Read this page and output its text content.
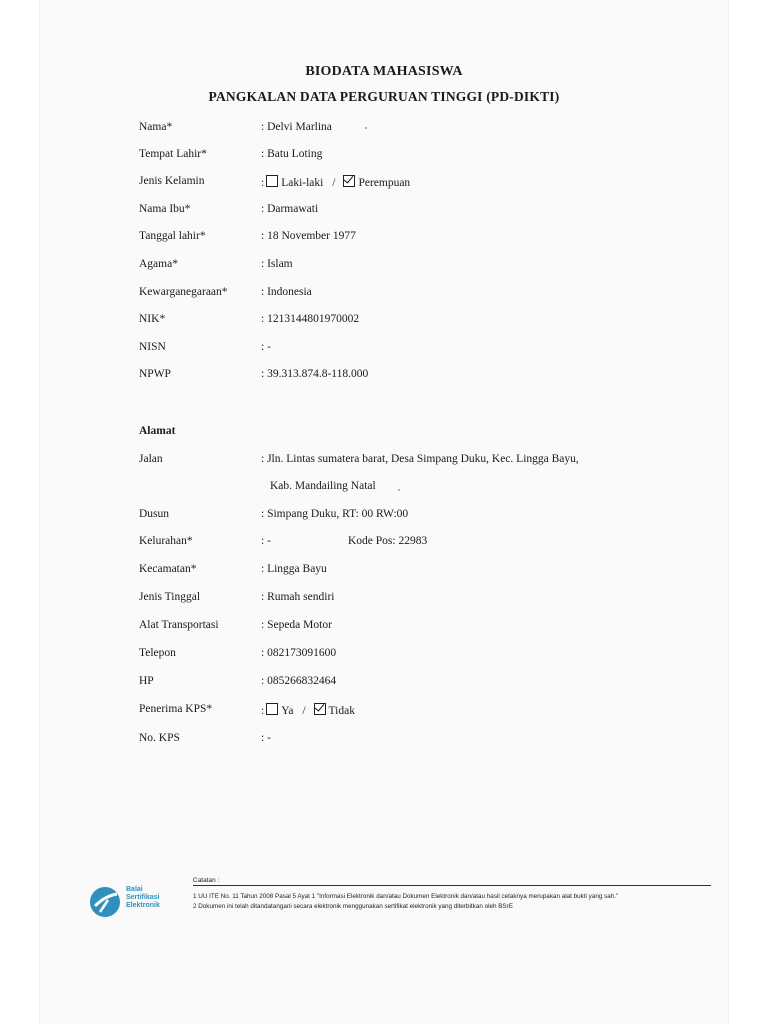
BIODATA MAHASISWA
PANGKALAN DATA PERGURUAN TINGGI (PD-DIKTI)
Nama*	: Delvi Marlina
Tempat Lahir*	: Batu Loting
Jenis Kelamin	: Laki-laki / Perempuan
Nama Ibu*	: Darmawati
Tanggal lahir*	: 18 November 1977
Agama*	: Islam
Kewarganegaraan*	: Indonesia
NIK*	: 1213144801970002
NISN	: -
NPWP	: 39.313.874.8-118.000
Alamat
Jalan	: Jln. Lintas sumatera barat, Desa Simpang Duku, Kec. Lingga Bayu,
Kab. Mandailing Natal
Dusun	: Simpang Duku, RT: 00 RW:00
Kelurahan*	: -	Kode Pos: 22983
Kecamatan*	: Lingga Bayu
Jenis Tinggal	: Rumah sendiri
Alat Transportasi	: Sepeda Motor
Telepon	: 082173091600
HP	: 085266832464
Penerima KPS*	: Ya / Tidak
No. KPS	: -
Balai Sertifikasi Elektronik
Catatan :
1 UU ITE No. 11 Tahun 2008 Pasal 5 Ayat 1 "Informasi Elektronik dan/atau Dokumen Elektronik dan/atau hasil cetaknya merupakan alat bukti yang sah."
2 Dokumen ini telah ditandatangani secara elektronik menggunakan sertifikat elektronik yang diterbitkan oleh BSrE
